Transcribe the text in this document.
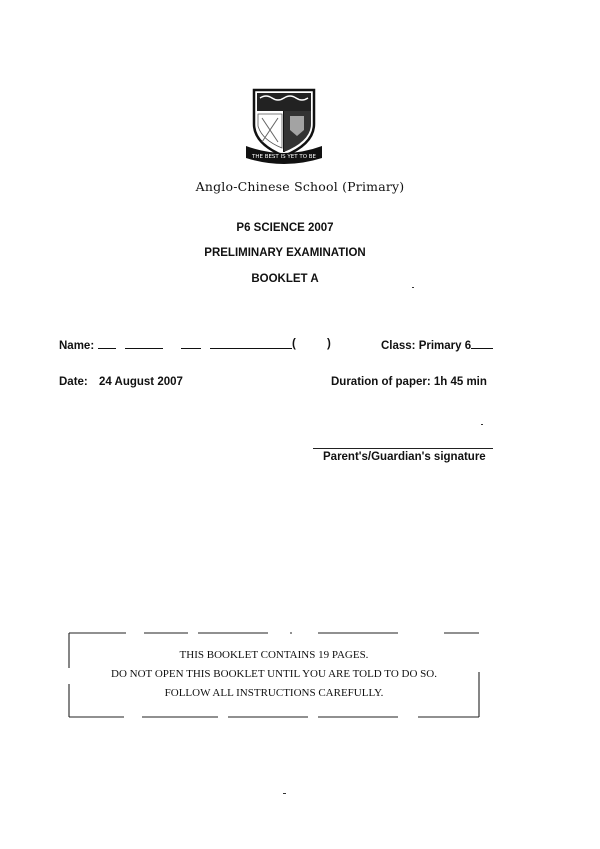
THE BEST IS YET TO BE
Anglo-Chinese School (Primary)
P6 SCIENCE 2007
PRELIMINARY EXAMINATION
BOOKLET A
Name:	(	)	Class: Primary 6
Date: 24 August 2007	Duration of paper: 1h 45 min
Parent's/Guardian's signature
THIS BOOKLET CONTAINS 19 PAGES.
DO NOT OPEN THIS BOOKLET UNTIL YOU ARE TOLD TO DO SO.
FOLLOW ALL INSTRUCTIONS CAREFULLY.
